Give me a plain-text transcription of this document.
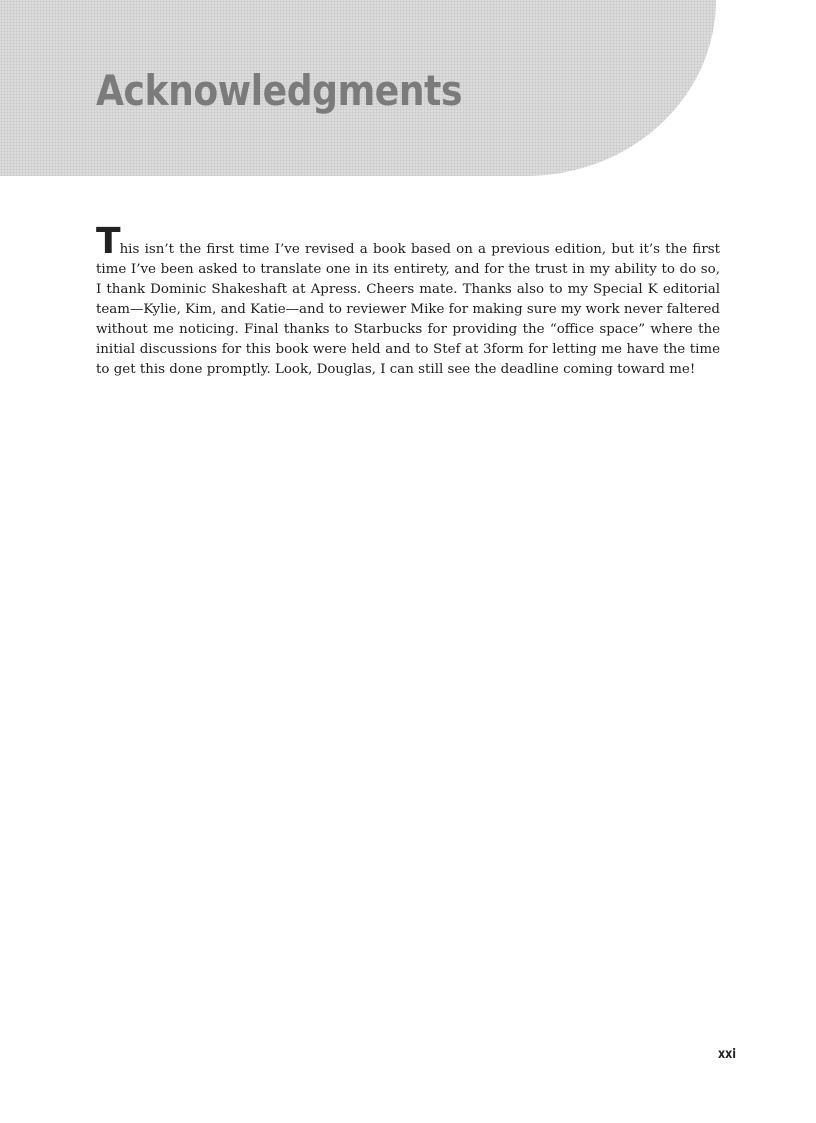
Acknowledgments

This isn’t the first time I’ve revised a book based on a previous edition, but it’s the first time I’ve been asked to translate one in its entirety, and for the trust in my ability to do so, I thank Dominic Shakeshaft at Apress. Cheers mate. Thanks also to my Special K editorial team—Kylie, Kim, and Katie—and to reviewer Mike for making sure my work never faltered without me noticing. Final thanks to Starbucks for providing the “office space” where the initial discussions for this book were held and to Stef at 3form for letting me have the time to get this done promptly. Look, Douglas, I can still see the deadline coming toward me!

xxi
